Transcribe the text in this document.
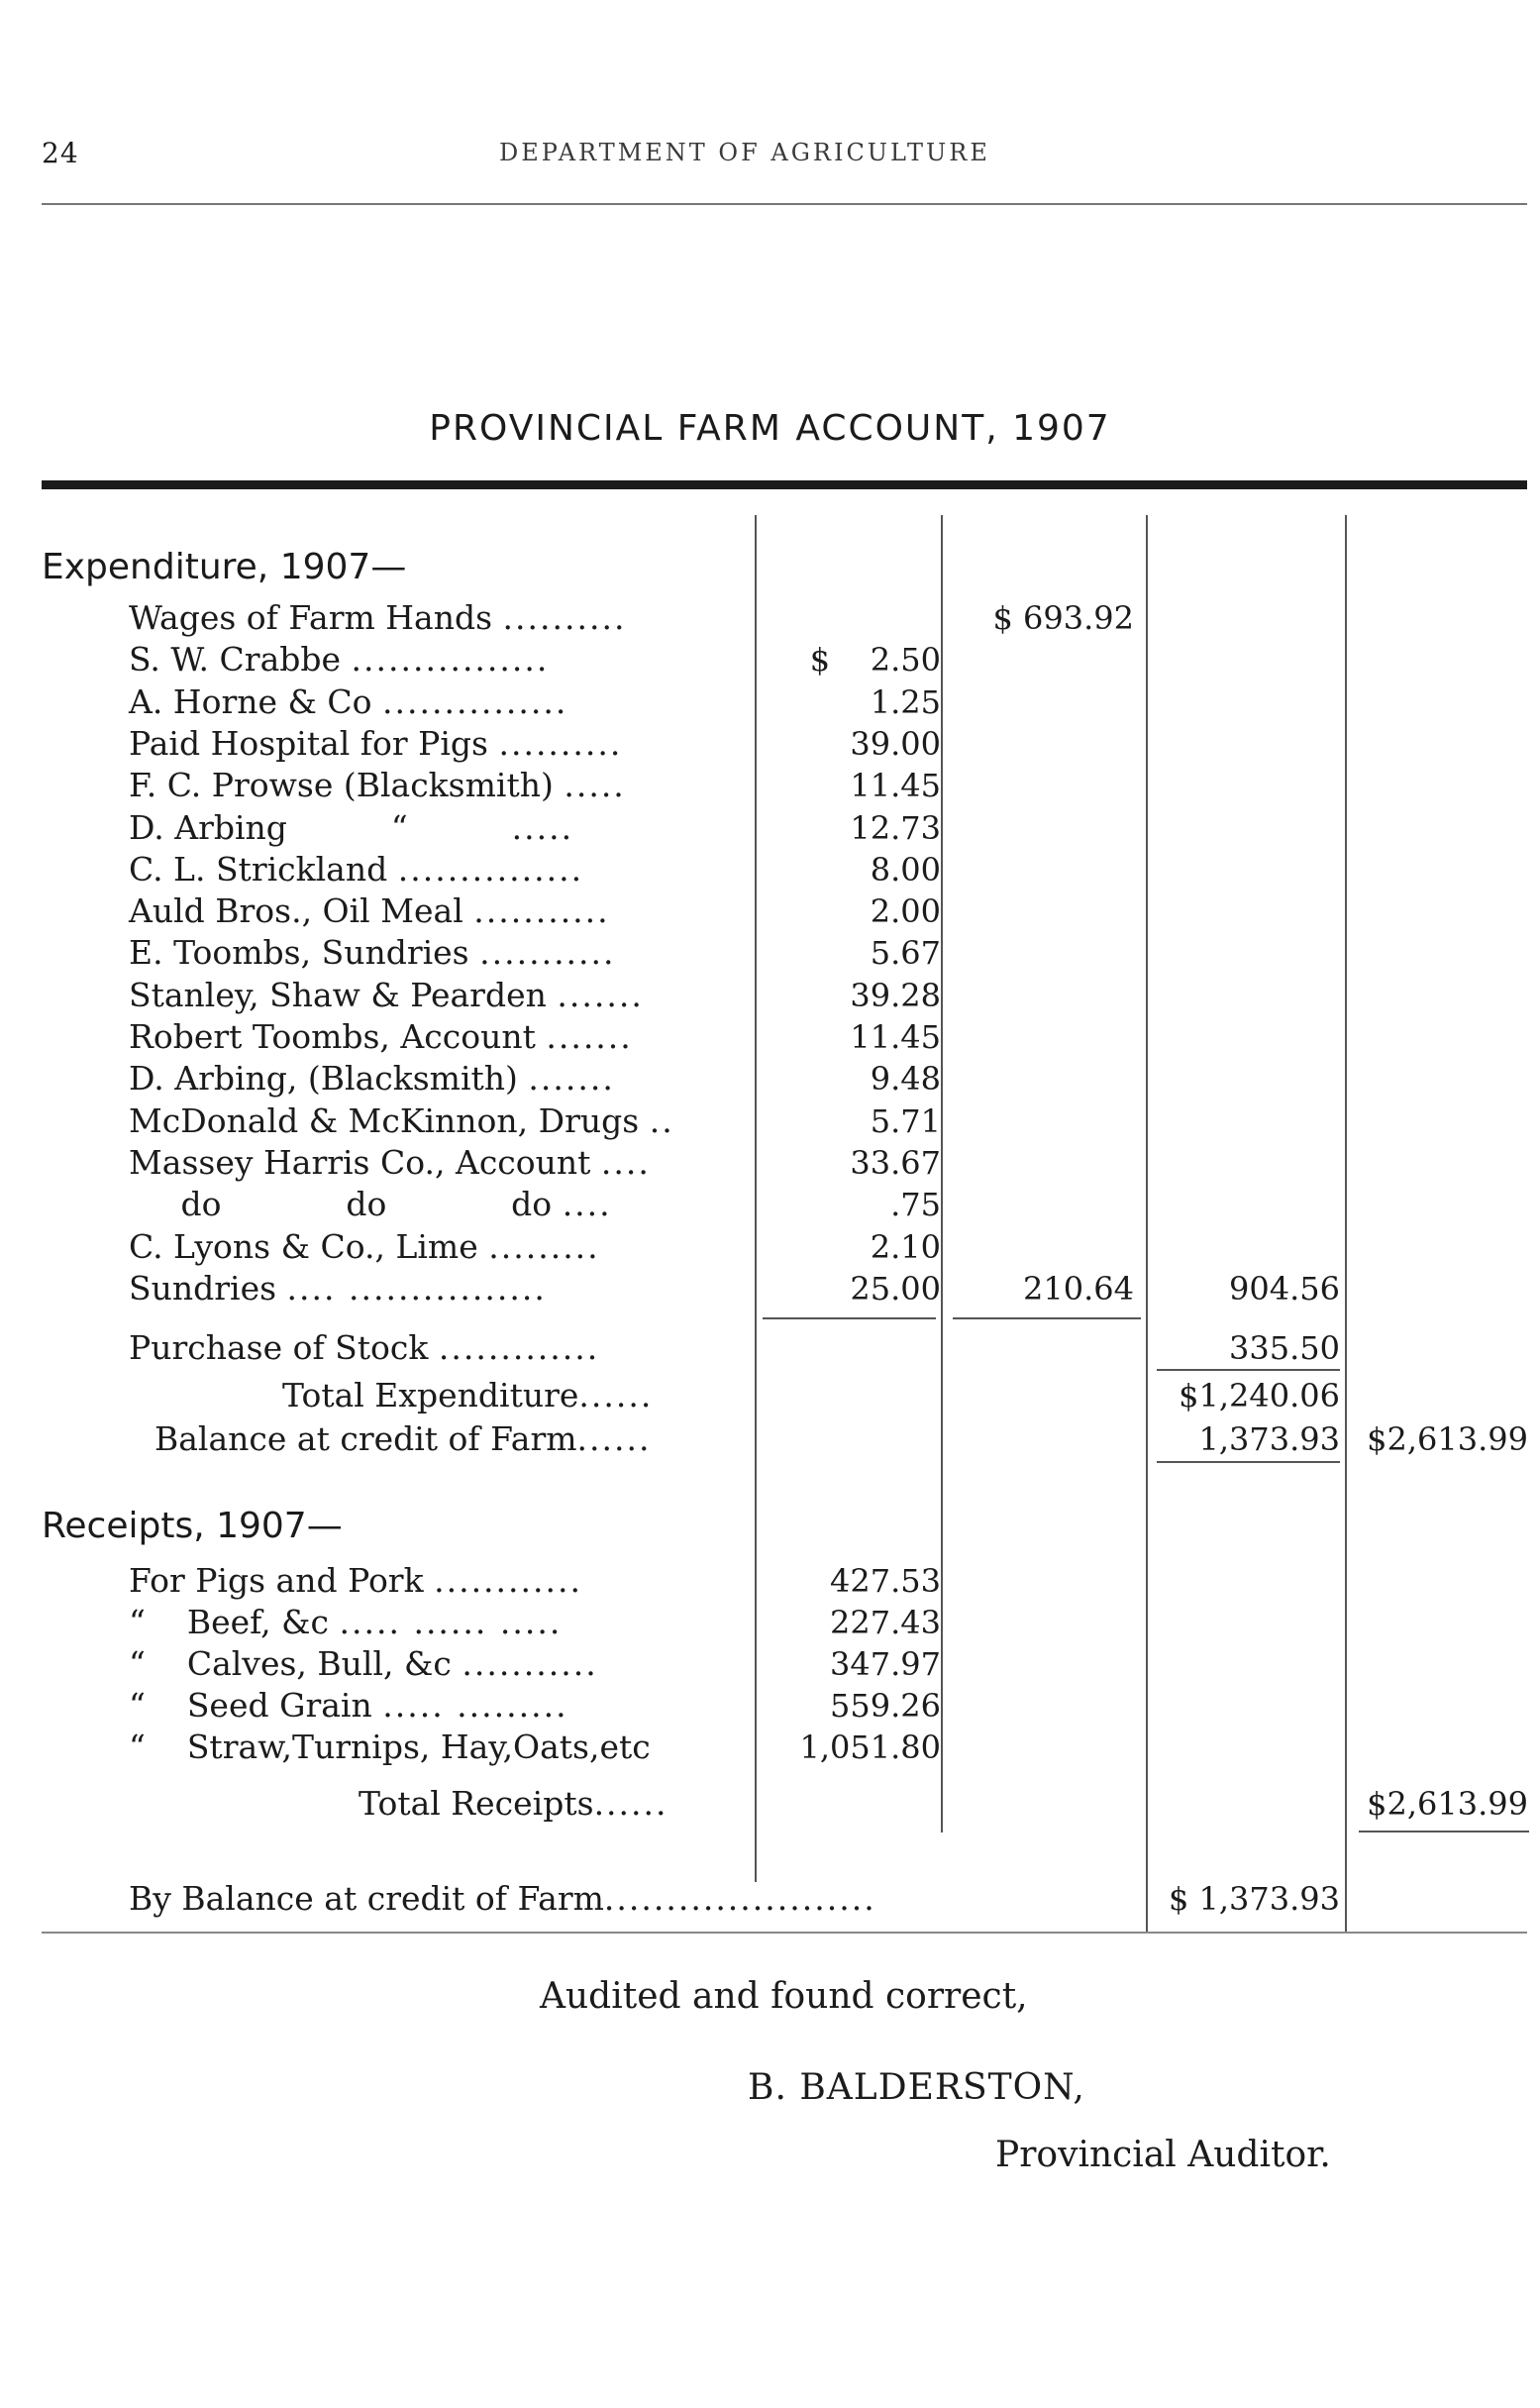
24	DEPARTMENT OF AGRICULTURE
PROVINCIAL FARM ACCOUNT, 1907
Expenditure, 1907—
Wages of Farm Hands ..........	$ 693.92
S. W. Crabbe ................	$    2.50
A. Horne & Co ...............	1.25
Paid Hospital for Pigs ..........	39.00
F. C. Prowse (Blacksmith) .....	11.45
D. Arbing          “          .....	12.73
C. L. Strickland ...............	8.00
Auld Bros., Oil Meal ...........	2.00
E. Toombs, Sundries ...........	5.67
Stanley, Shaw & Pearden .......	39.28
Robert Toombs, Account .......	11.45
D. Arbing, (Blacksmith) .......	9.48
McDonald & McKinnon, Drugs ..	5.71
Massey Harris Co., Account ....	33.67
do            do            do ....	.75
C. Lyons & Co., Lime .........	2.10
Sundries .... ................	25.00	210.64	904.56
Purchase of Stock .............	335.50
Total Expenditure......	$1,240.06
Balance at credit of Farm......	1,373.93 $2,613.99
Receipts, 1907—
For Pigs and Pork ............	427.53
“    Beef, &c ..... ...... .....	227.43
“    Calves, Bull, &c ...........	347.97
“    Seed Grain ..... .........	559.26
“    Straw,Turnips, Hay,Oats,etc	1,051.80
Total Receipts......	$2,613.99
By Balance at credit of Farm......................	$ 1,373.93
Audited and found correct,
B. BALDERSTON,
Provincial Auditor.
